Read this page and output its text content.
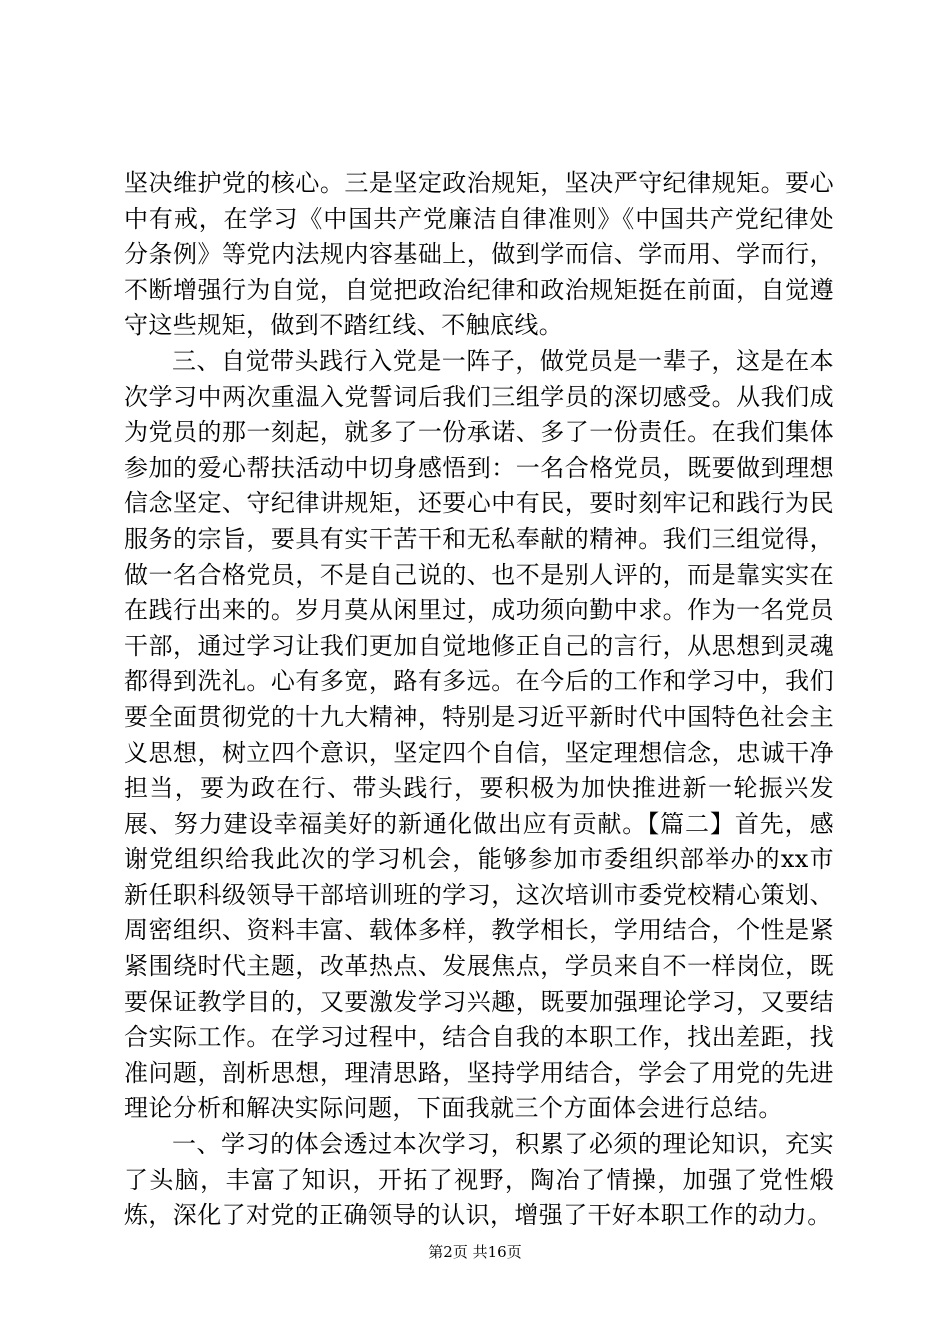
坚决维护党的核心。三是坚定政治规矩，坚决严守纪律规矩。要心中有戒，在学习《中国共产党廉洁自律准则》《中国共产党纪律处分条例》等党内法规内容基础上，做到学而信、学而用、学而行，不断增强行为自觉，自觉把政治纪律和政治规矩挺在前面，自觉遵守这些规矩，做到不踏红线、不触底线。

三、自觉带头践行入党是一阵子，做党员是一辈子，这是在本次学习中两次重温入党誓词后我们三组学员的深切感受。从我们成为党员的那一刻起，就多了一份承诺、多了一份责任。在我们集体参加的爱心帮扶活动中切身感悟到：一名合格党员，既要做到理想信念坚定、守纪律讲规矩，还要心中有民，要时刻牢记和践行为民服务的宗旨，要具有实干苦干和无私奉献的精神。我们三组觉得，做一名合格党员，不是自己说的、也不是别人评的，而是靠实实在在践行出来的。岁月莫从闲里过，成功须向勤中求。作为一名党员干部，通过学习让我们更加自觉地修正自己的言行，从思想到灵魂都得到洗礼。心有多宽，路有多远。在今后的工作和学习中，我们要全面贯彻党的十九大精神，特别是习近平新时代中国特色社会主义思想，树立四个意识，坚定四个自信，坚定理想信念，忠诚干净担当，要为政在行、带头践行，要积极为加快推进新一轮振兴发展、努力建设幸福美好的新通化做出应有贡献。【篇二】首先，感谢党组织给我此次的学习机会，能够参加市委组织部举办的xx市新任职科级领导干部培训班的学习，这次培训市委党校精心策划、周密组织、资料丰富、载体多样，教学相长，学用结合，个性是紧紧围绕时代主题，改革热点、发展焦点，学员来自不一样岗位，既要保证教学目的，又要激发学习兴趣，既要加强理论学习，又要结合实际工作。在学习过程中，结合自我的本职工作，找出差距，找准问题，剖析思想，理清思路，坚持学用结合，学会了用党的先进理论分析和解决实际问题，下面我就三个方面体会进行总结。

一、学习的体会透过本次学习，积累了必须的理论知识，充实了头脑，丰富了知识，开拓了视野，陶冶了情操，加强了党性煅炼，深化了对党的正确领导的认识，增强了干好本职工作的动力。

第2页 共16页
